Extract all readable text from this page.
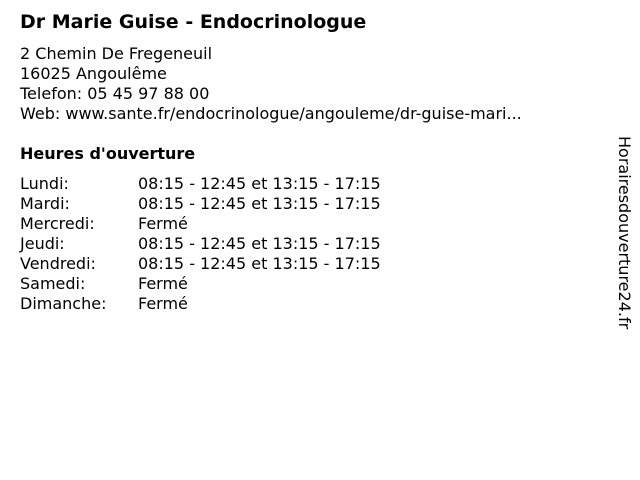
Dr Marie Guise - Endocrinologue
2 Chemin De Fregeneuil
16025 Angoulême
Telefon: 05 45 97 88 00
Web: www.sante.fr/endocrinologue/angouleme/dr-guise-mari...
Heures d'ouverture
Lundi:	08:15 - 12:45 et 13:15 - 17:15
Mardi:	08:15 - 12:45 et 13:15 - 17:15
Mercredi:	Fermé
Jeudi:	08:15 - 12:45 et 13:15 - 17:15
Vendredi:	08:15 - 12:45 et 13:15 - 17:15
Samedi:	Fermé
Dimanche:	Fermé	Horairesdouverture24.fr
